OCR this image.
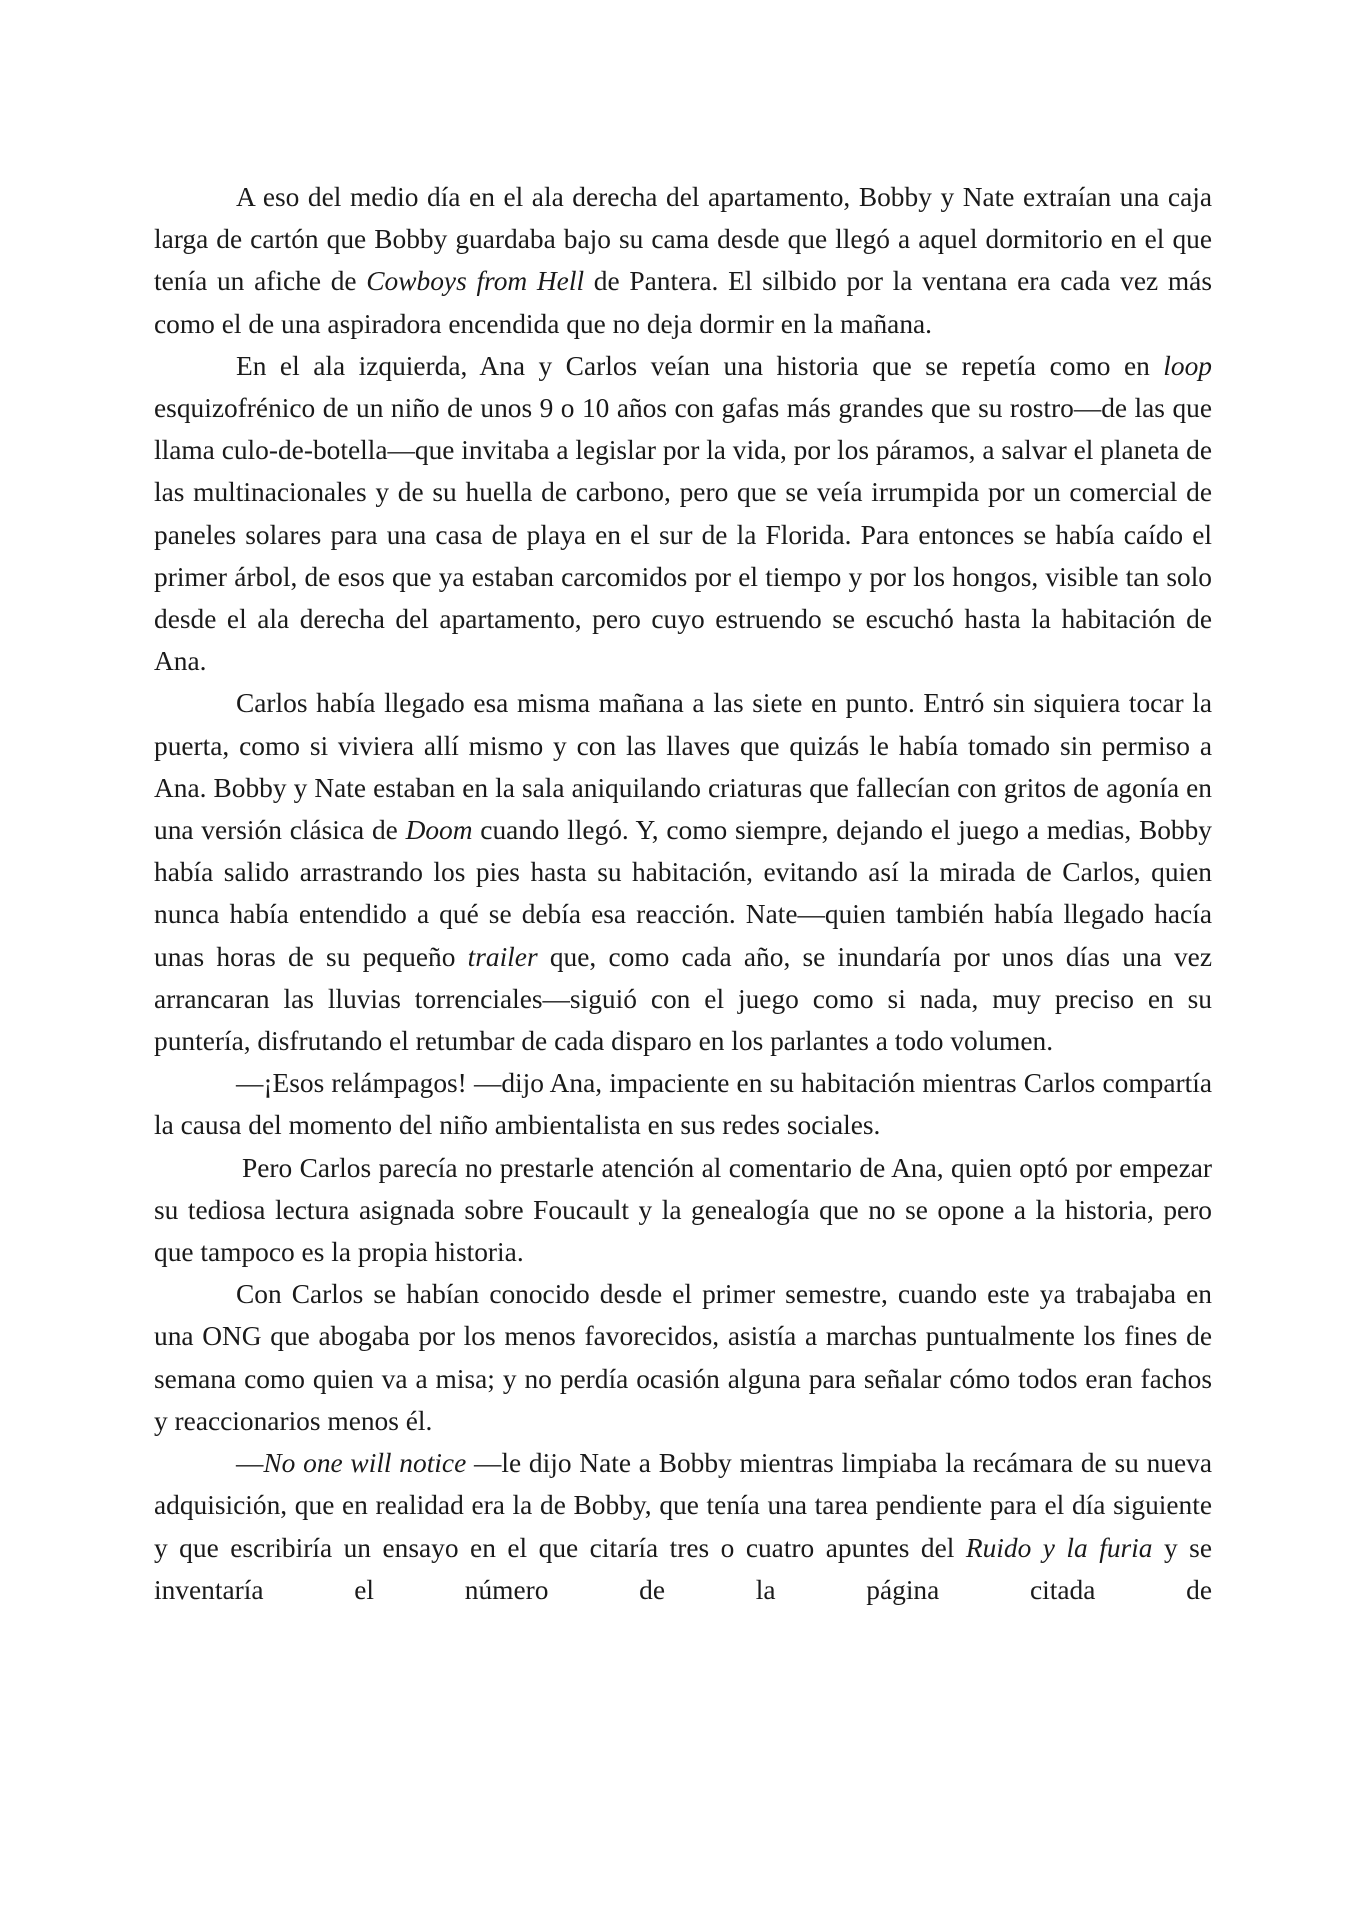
A eso del medio día en el ala derecha del apartamento, Bobby y Nate extraían una caja larga de cartón que Bobby guardaba bajo su cama desde que llegó a aquel dormitorio en el que tenía un afiche de Cowboys from Hell de Pantera. El silbido por la ventana era cada vez más como el de una aspiradora encendida que no deja dormir en la mañana.

En el ala izquierda, Ana y Carlos veían una historia que se repetía como en loop esquizofrénico de un niño de unos 9 o 10 años con gafas más grandes que su rostro—de las que llama culo-de-botella—que invitaba a legislar por la vida, por los páramos, a salvar el planeta de las multinacionales y de su huella de carbono, pero que se veía irrumpida por un comercial de paneles solares para una casa de playa en el sur de la Florida. Para entonces se había caído el primer árbol, de esos que ya estaban carcomidos por el tiempo y por los hongos, visible tan solo desde el ala derecha del apartamento, pero cuyo estruendo se escuchó hasta la habitación de Ana.

Carlos había llegado esa misma mañana a las siete en punto. Entró sin siquiera tocar la puerta, como si viviera allí mismo y con las llaves que quizás le había tomado sin permiso a Ana. Bobby y Nate estaban en la sala aniquilando criaturas que fallecían con gritos de agonía en una versión clásica de Doom cuando llegó. Y, como siempre, dejando el juego a medias, Bobby había salido arrastrando los pies hasta su habitación, evitando así la mirada de Carlos, quien nunca había entendido a qué se debía esa reacción. Nate—quien también había llegado hacía unas horas de su pequeño trailer que, como cada año, se inundaría por unos días una vez arrancaran las lluvias torrenciales—siguió con el juego como si nada, muy preciso en su puntería, disfrutando el retumbar de cada disparo en los parlantes a todo volumen.

—¡Esos relámpagos! —dijo Ana, impaciente en su habitación mientras Carlos compartía la causa del momento del niño ambientalista en sus redes sociales.

Pero Carlos parecía no prestarle atención al comentario de Ana, quien optó por empezar su tediosa lectura asignada sobre Foucault y la genealogía que no se opone a la historia, pero que tampoco es la propia historia.

Con Carlos se habían conocido desde el primer semestre, cuando este ya trabajaba en una ONG que abogaba por los menos favorecidos, asistía a marchas puntualmente los fines de semana como quien va a misa; y no perdía ocasión alguna para señalar cómo todos eran fachos y reaccionarios menos él.

—No one will notice —le dijo Nate a Bobby mientras limpiaba la recámara de su nueva adquisición, que en realidad era la de Bobby, que tenía una tarea pendiente para el día siguiente y que escribiría un ensayo en el que citaría tres o cuatro apuntes del Ruido y la furia y se inventaría el número de la página citada de
